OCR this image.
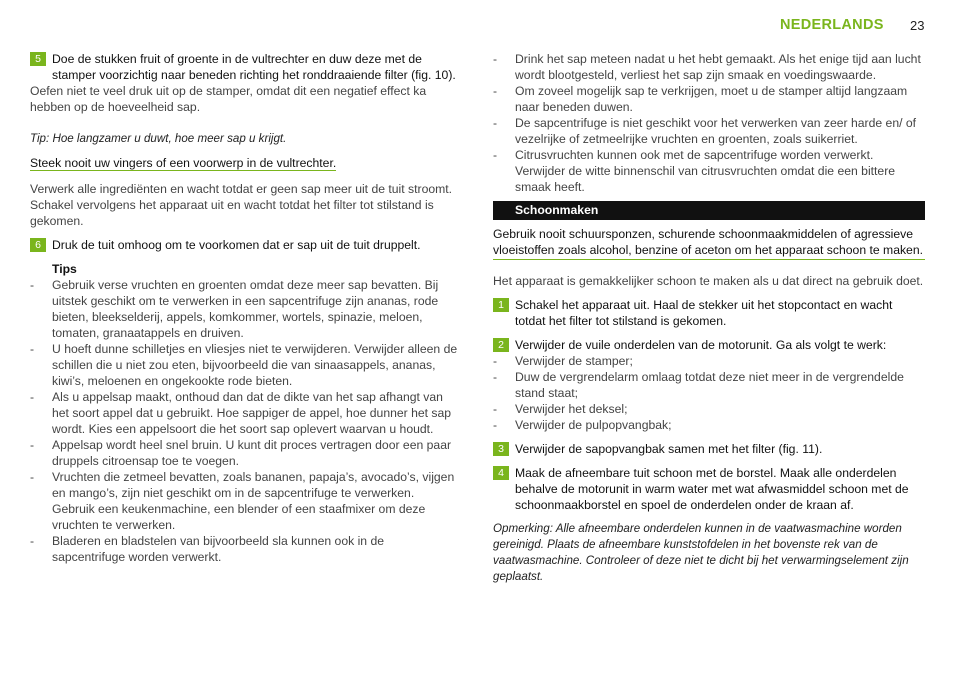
NEDERLANDS 23
5 Doe de stukken fruit of groente in de vultrechter en duw deze met de stamper voorzichtig naar beneden richting het ronddraaiende filter (fig. 10).

Oefen niet te veel druk uit op de stamper, omdat dit een negatief effect ka hebben op de hoeveelheid sap.

Tip: Hoe langzamer u duwt, hoe meer sap u krijgt.

Steek nooit uw vingers of een voorwerp in de vultrechter.

Verwerk alle ingrediënten en wacht totdat er geen sap meer uit de tuit stroomt. Schakel vervolgens het apparaat uit en wacht totdat het filter tot stilstand is gekomen.

6 Druk de tuit omhoog om te voorkomen dat er sap uit de tuit druppelt.
Tips
- Gebruik verse vruchten en groenten omdat deze meer sap bevatten. Bij uitstek geschikt om te verwerken in een sapcentrifuge zijn ananas, rode bieten, bleekselderij, appels, komkommer, wortels, spinazie, meloen, tomaten, granaatappels en druiven.
- U hoeft dunne schilletjes en vliesjes niet te verwijderen. Verwijder alleen de schillen die u niet zou eten, bijvoorbeeld die van sinaasappels, ananas, kiwi’s, meloenen en ongekookte rode bieten.
- Als u appelsap maakt, onthoud dan dat de dikte van het sap afhangt van het soort appel dat u gebruikt. Hoe sappiger de appel, hoe dunner het sap wordt. Kies een appelsoort die het soort sap oplevert waarvan u houdt.
- Appelsap wordt heel snel bruin. U kunt dit proces vertragen door een paar druppels citroensap toe te voegen.
- Vruchten die zetmeel bevatten, zoals bananen, papaja’s, avocado’s, vijgen en mango’s, zijn niet geschikt om in de sapcentrifuge te verwerken. Gebruik een keukenmachine, een blender of een staafmixer om deze vruchten te verwerken.
- Bladeren en bladstelen van bijvoorbeeld sla kunnen ook in de sapcentrifuge worden verwerkt.
- Drink het sap meteen nadat u het hebt gemaakt. Als het enige tijd aan lucht wordt blootgesteld, verliest het sap zijn smaak en voedingswaarde.
- Om zoveel mogelijk sap te verkrijgen, moet u de stamper altijd langzaam naar beneden duwen.
- De sapcentrifuge is niet geschikt voor het verwerken van zeer harde en/ of vezelrijke of zetmeelrijke vruchten en groenten, zoals suikerriet.
- Citrusvruchten kunnen ook met de sapcentrifuge worden verwerkt. Verwijder de witte binnenschil van citrusvruchten omdat die een bittere smaak heeft.
Schoonmaken
Gebruik nooit schuursponzen, schurende schoonmaakmiddelen of agressieve vloeistoffen zoals alcohol, benzine of aceton om het apparaat schoon te maken.

Het apparaat is gemakkelijker schoon te maken als u dat direct na gebruik doet.

1 Schakel het apparaat uit. Haal de stekker uit het stopcontact en wacht totdat het filter tot stilstand is gekomen.
2 Verwijder de vuile onderdelen van de motorunit. Ga als volgt te werk:
- Verwijder de stamper;
- Duw de vergrendelarm omlaag totdat deze niet meer in de vergrendelde stand staat;
- Verwijder het deksel;
- Verwijder de pulpopvangbak;
3 Verwijder de sapopvangbak samen met het filter (fig. 11).
4 Maak de afneembare tuit schoon met de borstel. Maak alle onderdelen behalve de motorunit in warm water met wat afwasmiddel schoon met de schoonmaakborstel en spoel de onderdelen onder de kraan af.

Opmerking: Alle afneembare onderdelen kunnen in de vaatwasmachine worden gereinigd. Plaats de afneembare kunststofdelen in het bovenste rek van de vaatwasmachine. Controleer of deze niet te dicht bij het verwarmingselement zijn geplaatst.
